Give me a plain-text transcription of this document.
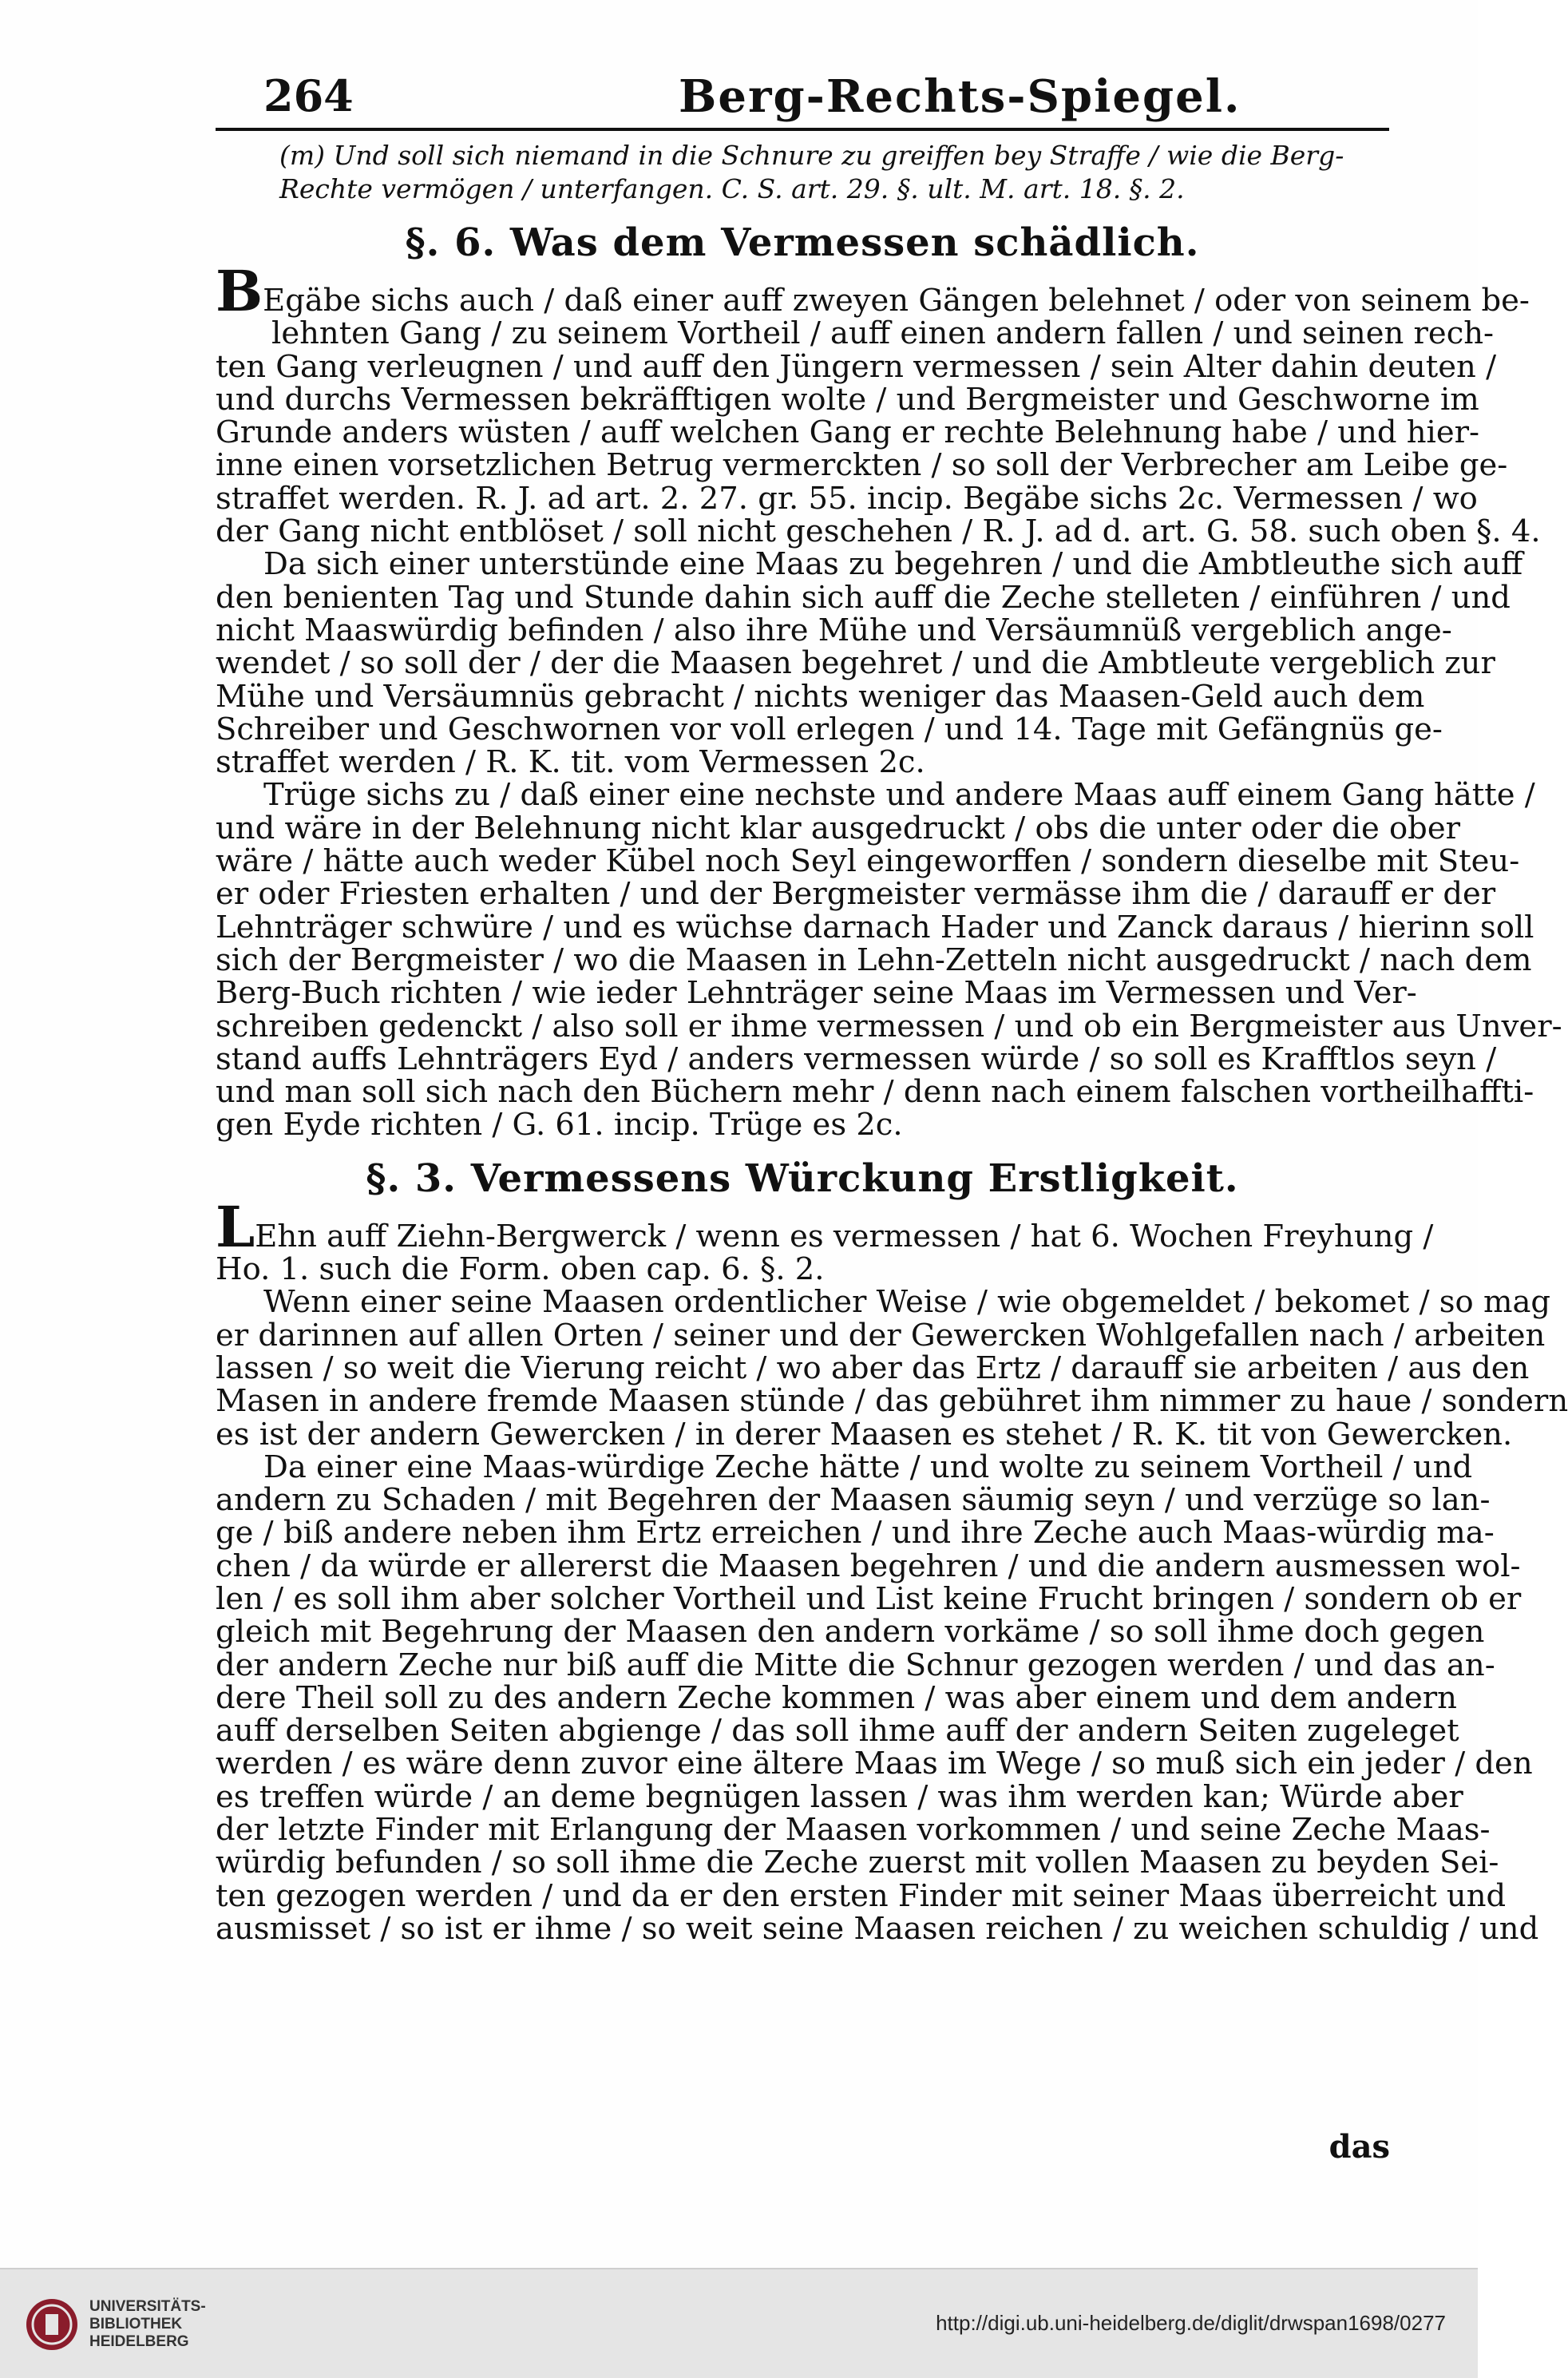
264	Berg-Rechts-Spiegel.
(m) Und soll sich niemand in die Schnure zu greiffen bey Straffe / wie die Berg-Rechte vermögen / unterfangen. C. S. art. 29. §. ult. M. art. 18. §. 2.
§. 6. Was dem Vermessen schädlich.
BEgäbe sichs auch / daß einer auff zweyen Gängen belehnet / oder von seinem be-
lehnten Gang / zu seinem Vortheil / auff einen andern fallen / und seinen rech-
ten Gang verleugnen / und auff den Jüngern vermessen / sein Alter dahin deuten /
und durchs Vermessen bekräfftigen wolte / und Bergmeister und Geschworne im
Grunde anders wüsten / auff welchen Gang er rechte Belehnung habe / und hier-
inne einen vorsetzlichen Betrug vermerckten / so soll der Verbrecher am Leibe ge-
straffet werden. R. J. ad art. 2. 27. gr. 55. incip. Begäbe sichs 2c. Vermessen / wo
der Gang nicht entblöset / soll nicht geschehen / R. J. ad d. art. G. 58. such oben §. 4.
Da sich einer unterstünde eine Maas zu begehren / und die Ambtleuthe sich auff
den benienten Tag und Stunde dahin sich auff die Zeche stelleten / einführen / und
nicht Maaswürdig befinden / also ihre Mühe und Versäumnüß vergeblich ange-
wendet / so soll der / der die Maasen begehret / und die Ambtleute vergeblich zur
Mühe und Versäumnüs gebracht / nichts weniger das Maasen-Geld auch dem
Schreiber und Geschwornen vor voll erlegen / und 14. Tage mit Gefängnüs ge-
straffet werden / R. K. tit. vom Vermessen 2c.
Trüge sichs zu / daß einer eine nechste und andere Maas auff einem Gang hätte /
und wäre in der Belehnung nicht klar ausgedruckt / obs die unter oder die ober
wäre / hätte auch weder Kübel noch Seyl eingeworffen / sondern dieselbe mit Steu-
er oder Friesten erhalten / und der Bergmeister vermässe ihm die / darauff er der
Lehnträger schwüre / und es wüchse darnach Hader und Zanck daraus / hierinn soll
sich der Bergmeister / wo die Maasen in Lehn-Zetteln nicht ausgedruckt / nach dem
Berg-Buch richten / wie ieder Lehnträger seine Maas im Vermessen und Ver-
schreiben gedenckt / also soll er ihme vermessen / und ob ein Bergmeister aus Unver-
stand auffs Lehnträgers Eyd / anders vermessen würde / so soll es Krafftlos seyn /
und man soll sich nach den Büchern mehr / denn nach einem falschen vortheilhaffti-
gen Eyde richten / G. 61. incip. Trüge es 2c.
§. 3. Vermessens Würckung Erstligkeit.
LEhn auff Ziehn-Bergwerck / wenn es vermessen / hat 6. Wochen Freyhung /
Ho. 1. such die Form. oben cap. 6. §. 2.
Wenn einer seine Maasen ordentlicher Weise / wie obgemeldet / bekomet / so mag
er darinnen auf allen Orten / seiner und der Gewercken Wohlgefallen nach / arbeiten
lassen / so weit die Vierung reicht / wo aber das Ertz / darauff sie arbeiten / aus den
Masen in andere fremde Maasen stünde / das gebühret ihm nimmer zu haue / sondern
es ist der andern Gewercken / in derer Maasen es stehet / R. K. tit von Gewercken.
Da einer eine Maas-würdige Zeche hätte / und wolte zu seinem Vortheil / und
andern zu Schaden / mit Begehren der Maasen säumig seyn / und verzüge so lan-
ge / biß andere neben ihm Ertz erreichen / und ihre Zeche auch Maas-würdig ma-
chen / da würde er allererst die Maasen begehren / und die andern ausmessen wol-
len / es soll ihm aber solcher Vortheil und List keine Frucht bringen / sondern ob er
gleich mit Begehrung der Maasen den andern vorkäme / so soll ihme doch gegen
der andern Zeche nur biß auff die Mitte die Schnur gezogen werden / und das an-
dere Theil soll zu des andern Zeche kommen / was aber einem und dem andern
auff derselben Seiten abgienge / das soll ihme auff der andern Seiten zugeleget
werden / es wäre denn zuvor eine ältere Maas im Wege / so muß sich ein jeder / den
es treffen würde / an deme begnügen lassen / was ihm werden kan; Würde aber
der letzte Finder mit Erlangung der Maasen vorkommen / und seine Zeche Maas-
würdig befunden / so soll ihme die Zeche zuerst mit vollen Maasen zu beyden Sei-
ten gezogen werden / und da er den ersten Finder mit seiner Maas überreicht und
ausmisset / so ist er ihme / so weit seine Maasen reichen / zu weichen schuldig / und
das
UNIVERSITÄTS-
BIBLIOTHEK
HEIDELBERG
http://digi.ub.uni-heidelberg.de/diglit/drwspan1698/0277
